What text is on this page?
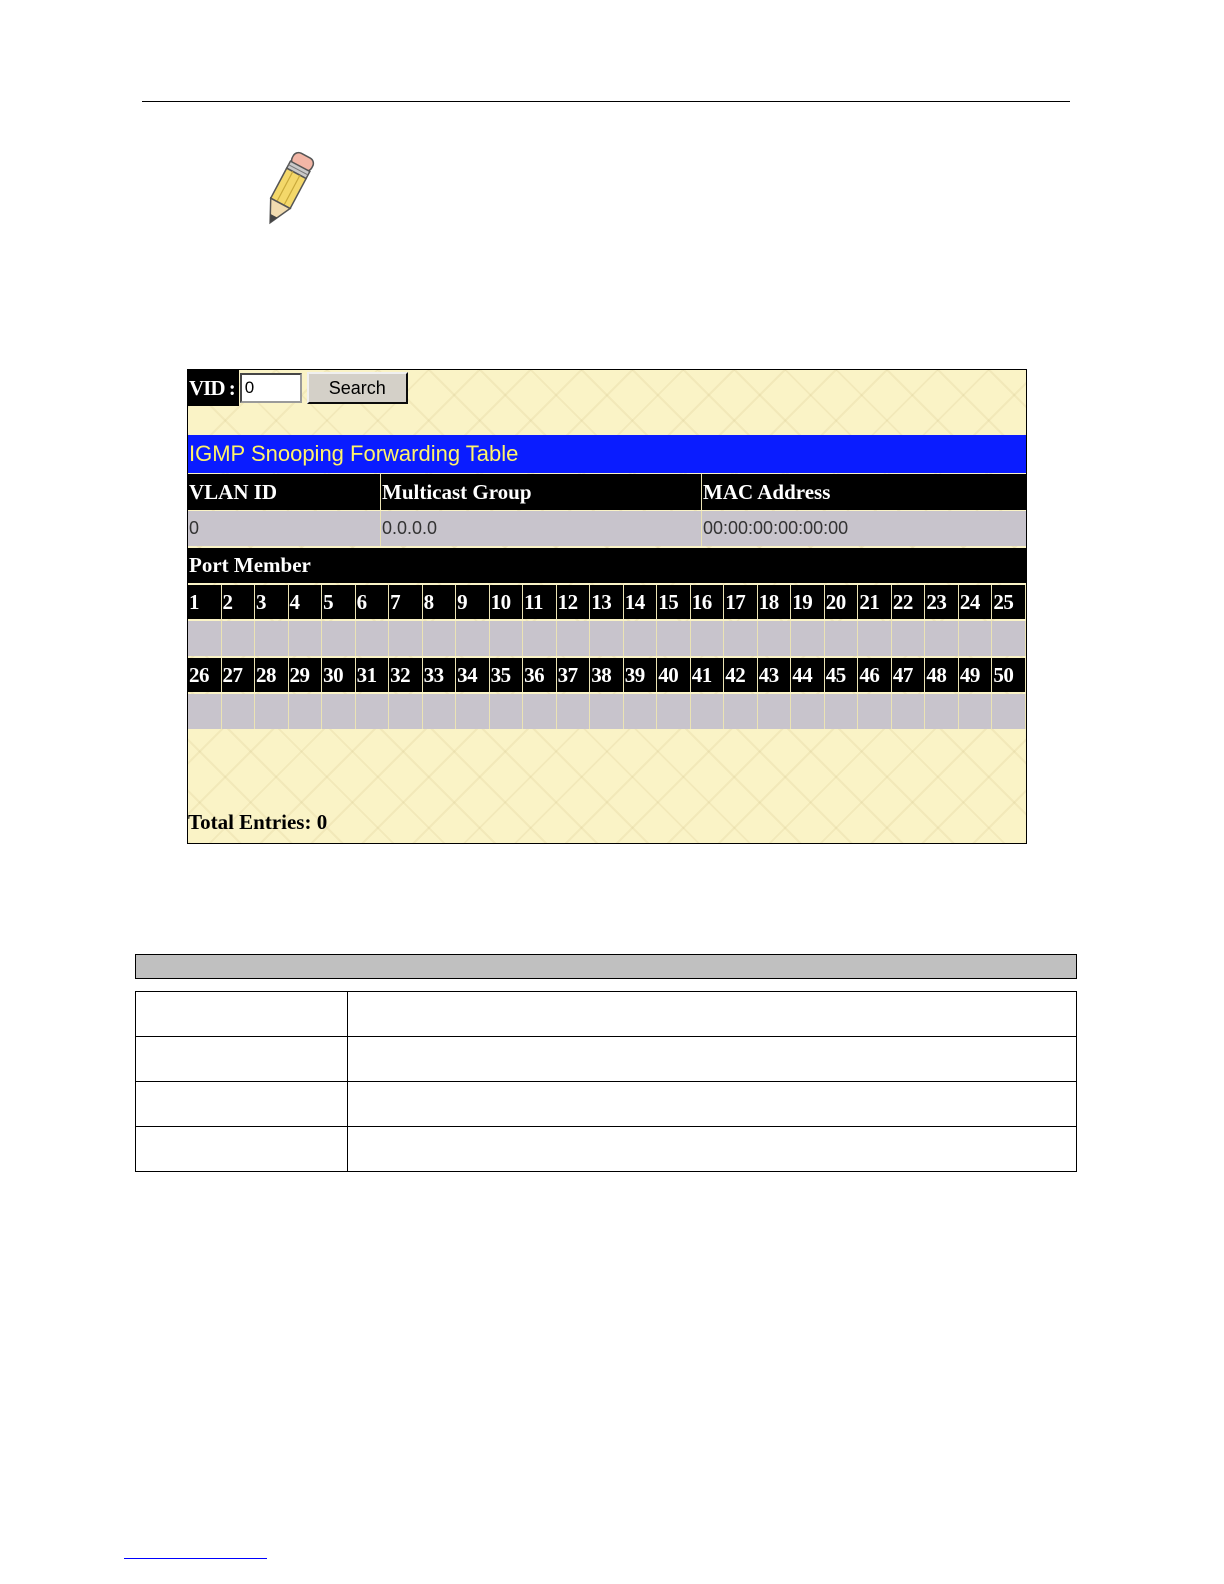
VID :
0	Search
IGMP Snooping Forwarding Table
VLAN ID	Multicast Group	MAC Address
0	0.0.0.0	00:00:00:00:00:00
Port Member
1	2	3	4	5	6	7	8	9	10 11 12 13 14 15 16 17 18 19 20 21 22 23 24 25
26 27 28 29 30 31 32 33 34 35 36 37 38 39 40 41 42 43 44 45 46 47 48 49 50
Total Entries: 0
